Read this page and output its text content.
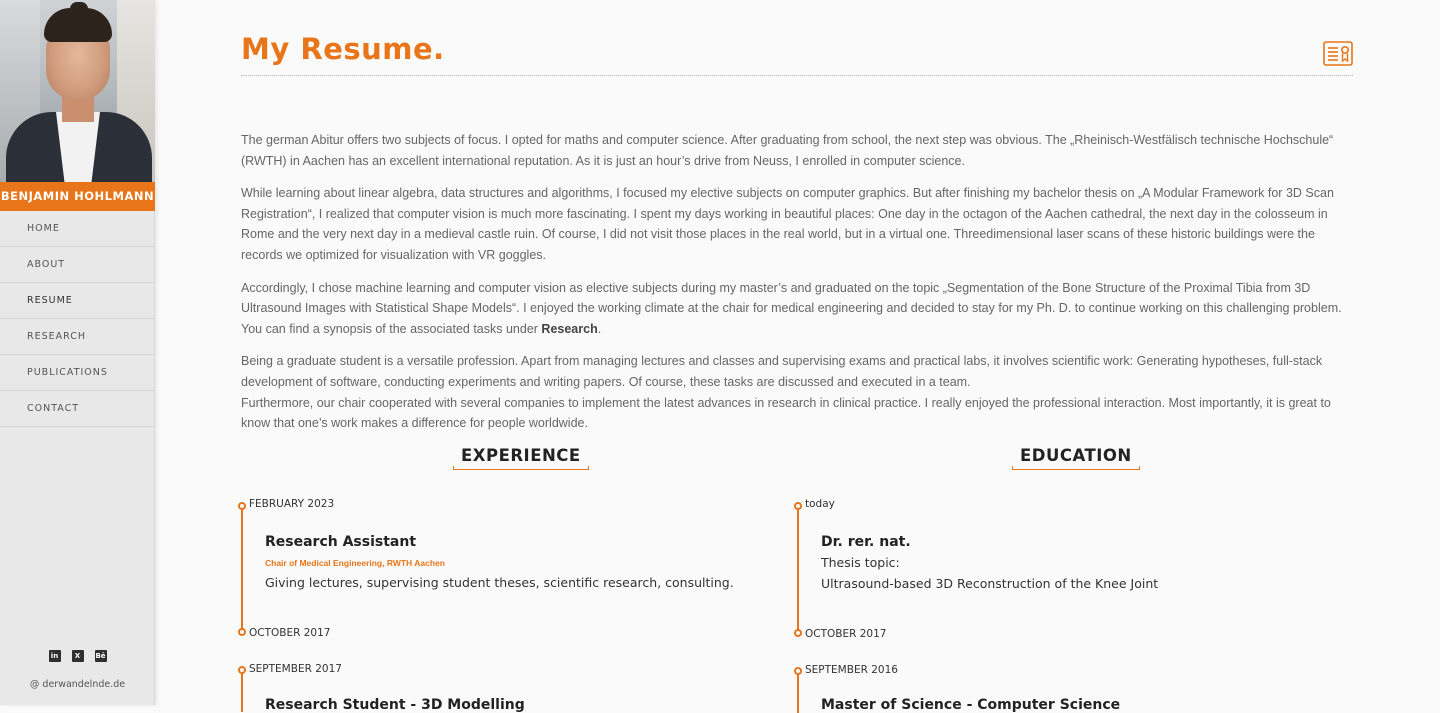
BENJAMIN HOHLMANN
HOME
ABOUT
RESUME
RESEARCH
PUBLICATIONS
CONTACT
in	X	Bē
@ derwandelnde.de
My Resume.

The german Abitur offers two subjects of focus. I opted for maths and computer science. After graduating from school, the next step was obvious. The „Rheinisch-Westfälisch technische Hochschule“ (RWTH) in Aachen has an excellent international reputation. As it is just an hour’s drive from Neuss, I enrolled in computer science.

While learning about linear algebra, data structures and algorithms, I focused my elective subjects on computer graphics. But after finishing my bachelor thesis on „A Modular Framework for 3D Scan Registration“, I realized that computer vision is much more fascinating. I spent my days working in beautiful places: One day in the octagon of the Aachen cathedral, the next day in the colosseum in Rome and the very next day in a medieval castle ruin. Of course, I did not visit those places in the real world, but in a virtual one. Threedimensional laser scans of these historic buildings were the records we optimized for visualization with VR goggles.

Accordingly, I chose machine learning and computer vision as elective subjects during my master’s and graduated on the topic „Segmentation of the Bone Structure of the Proximal Tibia from 3D Ultrasound Images with Statistical Shape Models“. I enjoyed the working climate at the chair for medical engineering and decided to stay for my Ph. D. to continue working on this challenging problem. You can find a synopsis of the associated tasks under Research.

Being a graduate student is a versatile profession. Apart from managing lectures and classes and supervising exams and practical labs, it involves scientific work: Generating hypotheses, full-stack development of software, conducting experiments and writing papers. Of course, these tasks are discussed and executed in a team.
Furthermore, our chair cooperated with several companies to implement the latest advances in research in clinical practice. I really enjoyed the professional interaction. Most importantly, it is great to know that one’s work makes a difference for people worldwide.

EXPERIENCE	EDUCATION
FEBRUARY 2023
Research Assistant
Chair of Medical Engineering, RWTH Aachen
Giving lectures, supervising student theses, scientific research, consulting.
OCTOBER 2017
SEPTEMBER 2017
Research Student - 3D Modelling
today
Dr. rer. nat.
Thesis topic:
Ultrasound-based 3D Reconstruction of the Knee Joint
OCTOBER 2017
SEPTEMBER 2016
Master of Science - Computer Science
